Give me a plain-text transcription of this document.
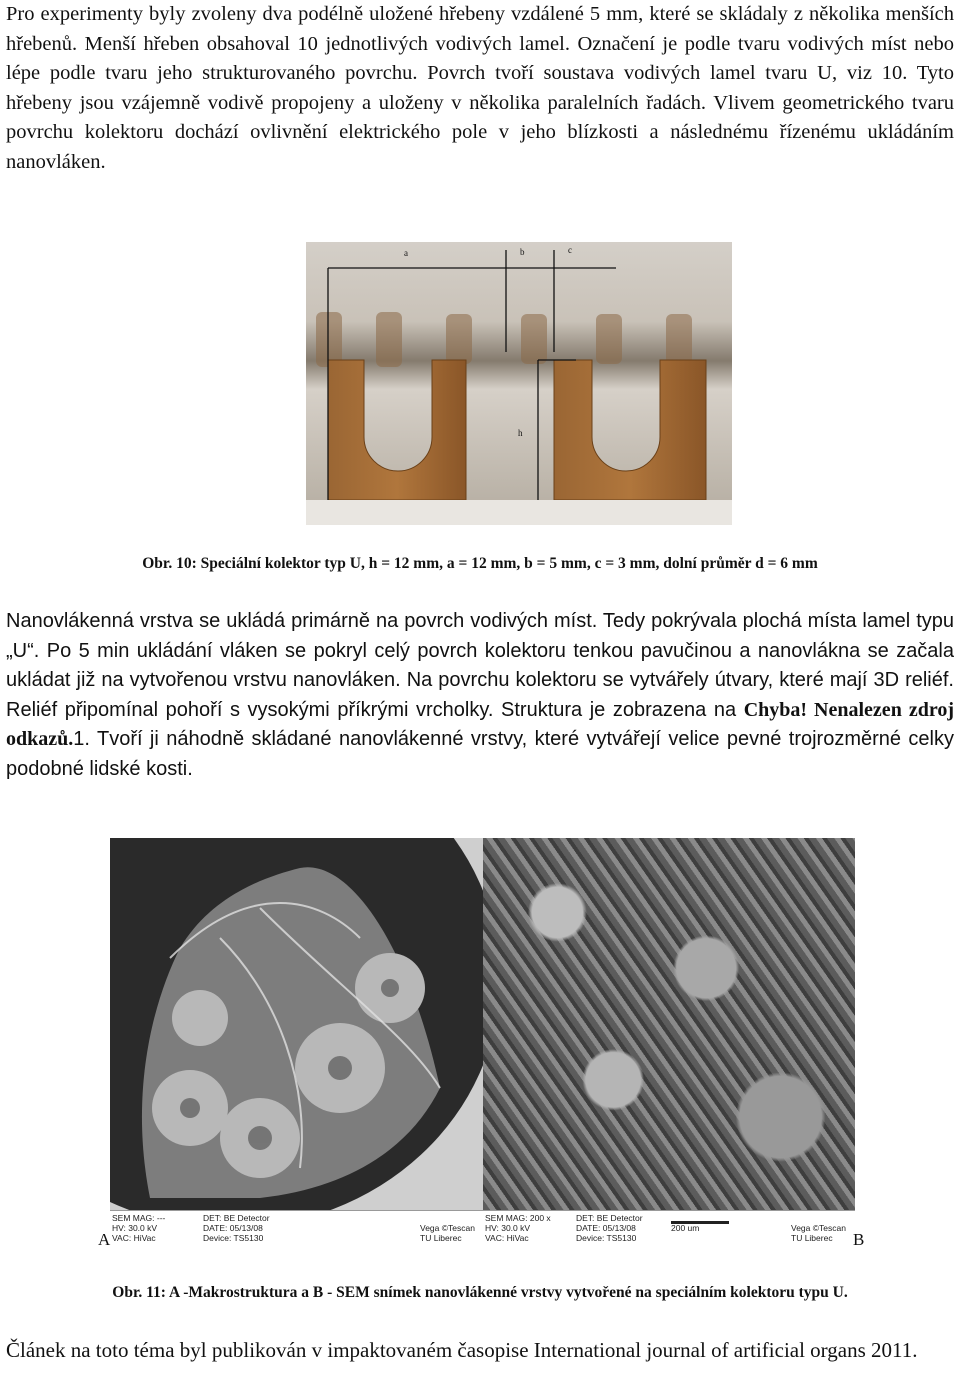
Pro experimenty byly zvoleny dva podélně uložené hřebeny vzdálené 5 mm, které se skládaly z několika menších hřebenů. Menší hřeben obsahoval 10 jednotlivých vodivých lamel. Označení je podle tvaru vodivých míst nebo lépe podle tvaru jeho strukturovaného povrchu. Povrch tvoří soustava vodivých lamel tvaru U, viz 10. Tyto hřebeny jsou vzájemně vodivě propojeny a uloženy v několika paralelních řadách. Vlivem geometrického tvaru povrchu kolektoru dochází ovlivnění elektrického pole v jeho blízkosti a následnému řízenému ukládáním nanovláken.

a	b	c
h
Obr. 10: Speciální kolektor typ U, h = 12 mm, a = 12 mm, b = 5 mm, c = 3 mm, dolní průměr d = 6 mm

Nanovlákenná vrstva se ukládá primárně na povrch vodivých míst. Tedy pokrývala plochá místa lamel typu „U“. Po 5 min ukládání vláken se pokryl celý povrch kolektoru tenkou pavučinou a nanovlákna se začala ukládat již na vytvořenou vrstvu nanovláken. Na povrchu kolektoru se vytvářely útvary, které mají 3D reliéf. Reliéf připomínal pohoří s vysokými příkrými vrcholky. Struktura je zobrazena na Chyba! Nenalezen zdroj odkazů.1. Tvoří ji náhodně skládané nanovlákenné vrstvy, které vytvářejí velice pevné trojrozměrné celky podobné lidské kosti.

SEM MAG: ---
HV: 30.0 kV
VAC: HiVac
DET: BE Detector
DATE: 05/13/08
Device: TS5130
Vega ©Tescan
TU Liberec
SEM MAG: 200 x
HV: 30.0 kV
VAC: HiVac
DET: BE Detector
DATE: 05/13/08
Device: TS5130
200 um	Vega ©Tescan
TU Liberec
A	B
Obr. 11: A -Makrostruktura a B - SEM snímek nanovlákenné vrstvy vytvořené na speciálním kolektoru typu U.

Článek na toto téma byl publikován v impaktovaném časopise International journal of artificial organs 2011.
